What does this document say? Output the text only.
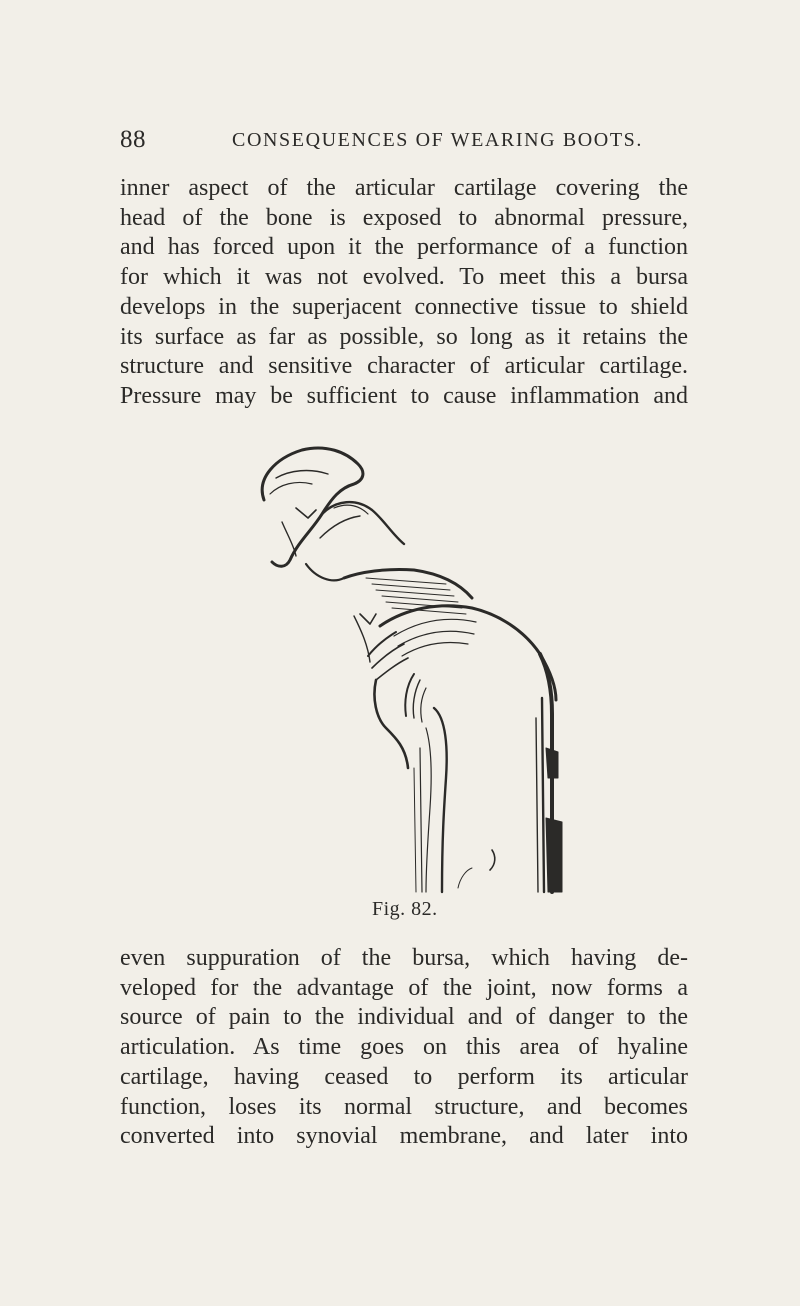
88	CONSEQUENCES OF WEARING BOOTS.
inner aspect of the articular cartilage covering the
head of the bone is exposed to abnormal pressure,
and has forced upon it the performance of a function
for which it was not evolved. To meet this a bursa
develops in the superjacent connective tissue to shield
its surface as far as possible, so long as it retains the
structure and sensitive character of articular cartilage.
Pressure may be sufficient to cause inflammation and
Fig. 82.
even suppuration of the bursa, which having de-
veloped for the advantage of the joint, now forms a
source of pain to the individual and of danger to the
articulation. As time goes on this area of hyaline
cartilage, having ceased to perform its articular
function, loses its normal structure, and becomes
converted into synovial membrane, and later into
